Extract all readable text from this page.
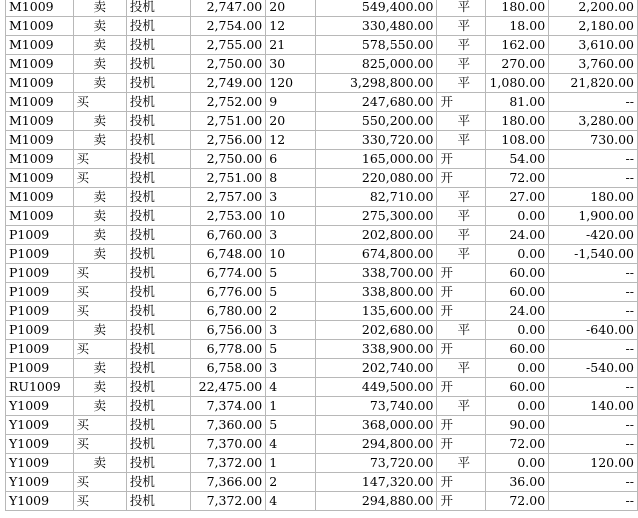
M1009	卖	投机	2,747.00	20	549,400.00	平	180.00	2,200.00
M1009	卖	投机	2,754.00	12	330,480.00	平	18.00	2,180.00
M1009	卖	投机	2,755.00	21	578,550.00	平	162.00	3,610.00
M1009	卖	投机	2,750.00	30	825,000.00	平	270.00	3,760.00
M1009	卖	投机	2,749.00	120	3,298,800.00	平	1,080.00	21,820.00
M1009	买	投机	2,752.00	9	247,680.00	开	81.00	--
M1009	卖	投机	2,751.00	20	550,200.00	平	180.00	3,280.00
M1009	卖	投机	2,756.00	12	330,720.00	平	108.00	730.00
M1009	买	投机	2,750.00	6	165,000.00	开	54.00	--
M1009	买	投机	2,751.00	8	220,080.00	开	72.00	--
M1009	卖	投机	2,757.00	3	82,710.00	平	27.00	180.00
M1009	卖	投机	2,753.00	10	275,300.00	平	0.00	1,900.00
P1009	卖	投机	6,760.00	3	202,800.00	平	24.00	-420.00
P1009	卖	投机	6,748.00	10	674,800.00	平	0.00	-1,540.00
P1009	买	投机	6,774.00	5	338,700.00	开	60.00	--
P1009	买	投机	6,776.00	5	338,800.00	开	60.00	--
P1009	买	投机	6,780.00	2	135,600.00	开	24.00	--
P1009	卖	投机	6,756.00	3	202,680.00	平	0.00	-640.00
P1009	买	投机	6,778.00	5	338,900.00	开	60.00	--
P1009	卖	投机	6,758.00	3	202,740.00	平	0.00	-540.00
RU1009	卖	投机	22,475.00	4	449,500.00	开	60.00	--
Y1009	卖	投机	7,374.00	1	73,740.00	平	0.00	140.00
Y1009	买	投机	7,360.00	5	368,000.00	开	90.00	--
Y1009	买	投机	7,370.00	4	294,800.00	开	72.00	--
Y1009	卖	投机	7,372.00	1	73,720.00	平	0.00	120.00
Y1009	买	投机	7,366.00	2	147,320.00	开	36.00	--
Y1009	买	投机	7,372.00	4	294,880.00	开	72.00	--
